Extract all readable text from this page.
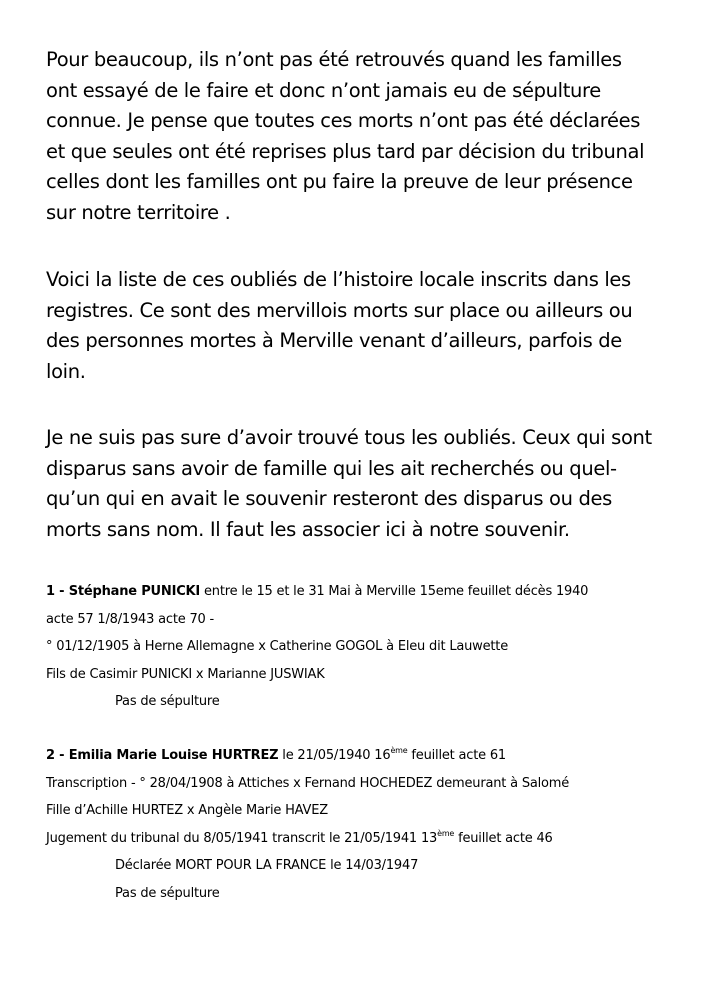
Pour beaucoup, ils n’ont pas été retrouvés quand les familles
ont essayé de le faire et donc n’ont jamais eu de sépulture
connue. Je pense que toutes ces morts n’ont pas été déclarées
et que seules ont été reprises plus tard par décision du tribunal
celles dont les familles ont pu faire la preuve de leur présence
sur notre territoire .

Voici la liste de ces oubliés de l’histoire locale inscrits dans les
registres. Ce sont des mervillois morts sur place ou ailleurs ou
des personnes mortes à Merville venant d’ailleurs, parfois de
loin.

Je ne suis pas sure d’avoir trouvé tous les oubliés. Ceux qui sont
disparus sans avoir de famille qui les ait recherchés ou quel-
qu’un qui en avait le souvenir resteront des disparus ou des
morts sans nom. Il faut les associer ici à notre souvenir.

1 - Stéphane PUNICKI entre le 15 et le 31 Mai à Merville 15eme feuillet décès 1940
acte 57 1/8/1943 acte 70 -
° 01/12/1905 à Herne Allemagne x Catherine GOGOL à Eleu dit Lauwette
Fils de Casimir PUNICKI x Marianne JUSWIAK
Pas de sépulture
2 - Emilia Marie Louise HURTREZ le 21/05/1940 16ème feuillet acte 61
Transcription - ° 28/04/1908 à Attiches x Fernand HOCHEDEZ demeurant à Salomé
Fille d’Achille HURTEZ x Angèle Marie HAVEZ
Jugement du tribunal du 8/05/1941 transcrit le 21/05/1941 13ème feuillet acte 46
Déclarée MORT POUR LA FRANCE le 14/03/1947
Pas de sépulture
